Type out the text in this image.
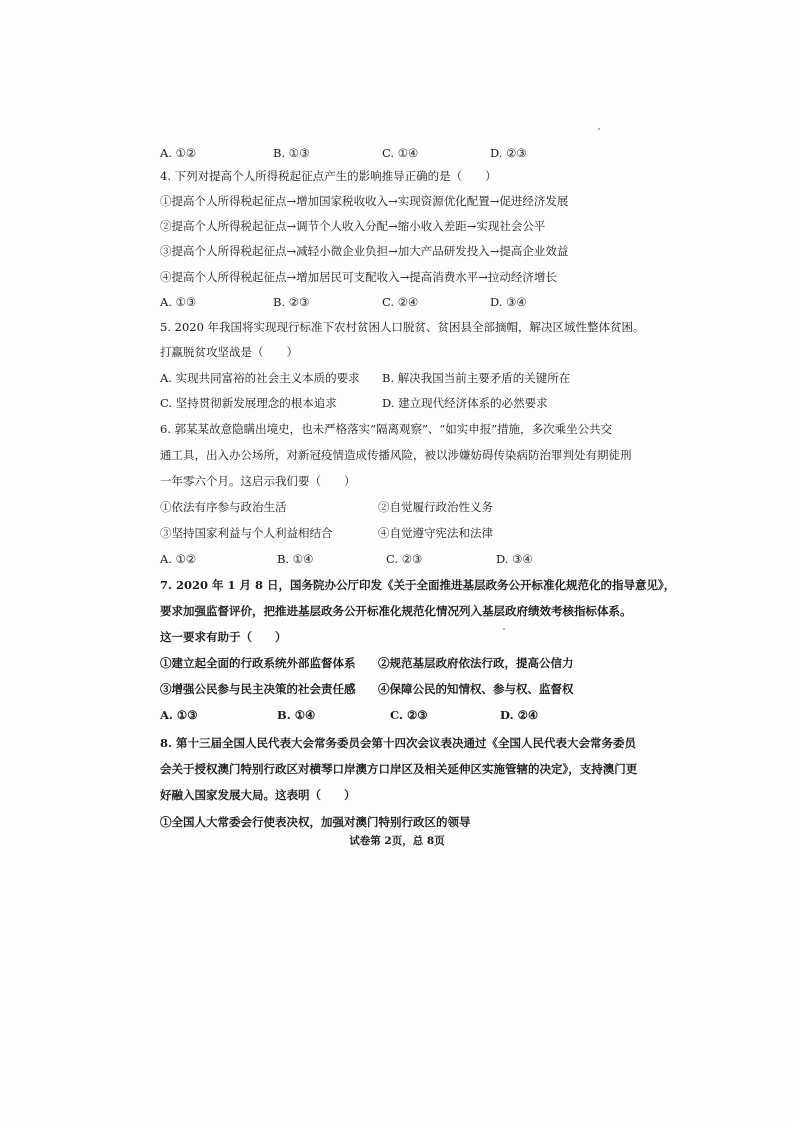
A. ①②	B. ①③	C. ①④	D. ②③
4. 下列对提高个人所得税起征点产生的影响推导正确的是（　　）
①提高个人所得税起征点→增加国家税收收入→实现资源优化配置→促进经济发展
②提高个人所得税起征点→调节个人收入分配→缩小收入差距→实现社会公平
③提高个人所得税起征点→减轻小微企业负担→加大产品研发投入→提高企业效益
④提高个人所得税起征点→增加居民可支配收入→提高消费水平→拉动经济增长
A. ①③	B. ②③	C. ②④	D. ③④
5. 2020 年我国将实现现行标准下农村贫困人口脱贫、贫困县全部摘帽，解决区域性整体贫困。
打赢脱贫攻坚战是（　　）
A. 实现共同富裕的社会主义本质的要求 B. 解决我国当前主要矛盾的关键所在
C. 坚持贯彻新发展理念的根本追求	D. 建立现代经济体系的必然要求
6. 郭某某故意隐瞒出境史，也未严格落实“隔离观察”、“如实申报”措施，多次乘坐公共交
通工具，出入办公场所，对新冠疫情造成传播风险，被以涉嫌妨碍传染病防治罪判处有期徒刑
一年零六个月。这启示我们要（　　）
①依法有序参与政治生活	②自觉履行政治性义务
③坚持国家利益与个人利益相结合	④自觉遵守宪法和法律
A. ①②	B. ①④	C. ②③	D. ③④
7. 2020 年 1 月 8 日，国务院办公厅印发《关于全面推进基层政务公开标准化规范化的指导意见》，
要求加强监督评价，把推进基层政务公开标准化规范化情况列入基层政府绩效考核指标体系。
这一要求有助于（　　）
①建立起全面的行政系统外部监督体系 ②规范基层政府依法行政，提高公信力
③增强公民参与民主决策的社会责任感 ④保障公民的知情权、参与权、监督权
A. ①③	B. ①④	C. ②③	D. ②④
8. 第十三届全国人民代表大会常务委员会第十四次会议表决通过《全国人民代表大会常务委员
会关于授权澳门特别行政区对横琴口岸澳方口岸区及相关延伸区实施管辖的决定》，支持澳门更
好融入国家发展大局。这表明（　　）
①全国人大常委会行使表决权，加强对澳门特别行政区的领导
试卷第 2页，总 8页
